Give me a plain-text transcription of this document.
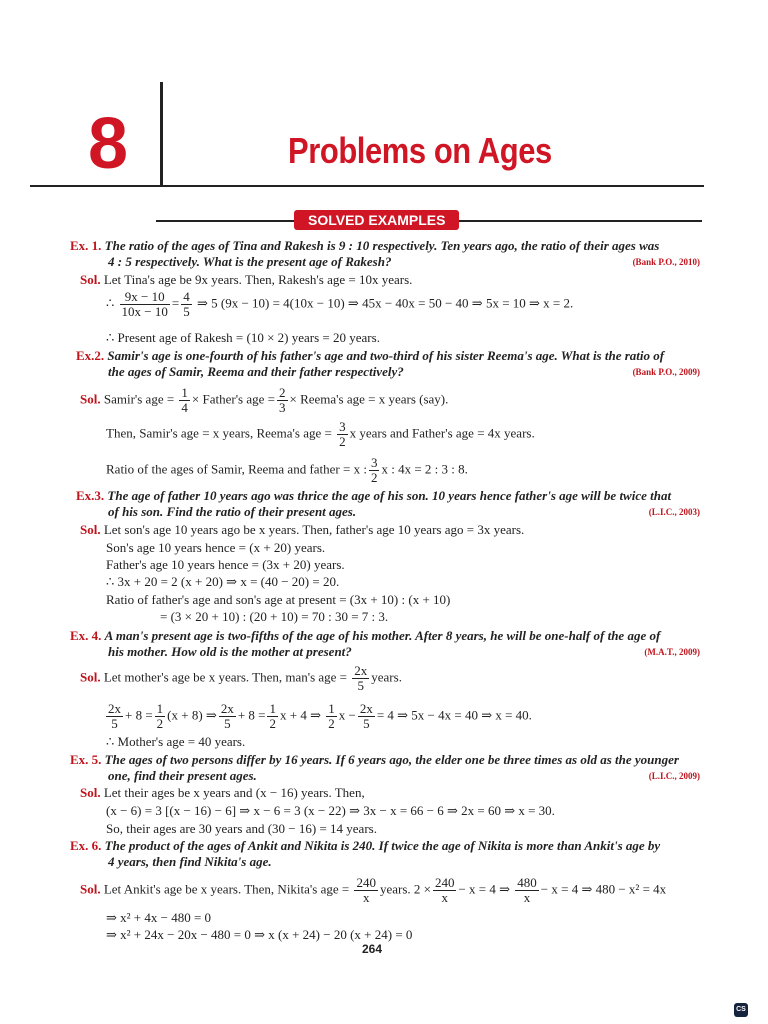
8	Problems on Ages
SOLVED EXAMPLES
Ex. 1. The ratio of the ages of Tina and Rakesh is 9 : 10 respectively. Ten years ago, the ratio of their ages was
4 : 5 respectively. What is the present age of Rakesh?	(Bank P.O., 2010)
Sol. Let Tina's age be 9x years. Then, Rakesh's age = 10x years.
∴ $\frac{9x - 10}{10x - 10} = \frac{4}{5}$ ⇒ 5 (9x − 10) = 4(10x − 10) ⇒ 45x − 40x = 50 − 40 ⇒ 5x = 10 ⇒ x = 2.
∴ Present age of Rakesh = (10 × 2) years = 20 years.
Ex.2. Samir's age is one-fourth of his father's age and two-third of his sister Reema's age. What is the ratio of
the ages of Samir, Reema and their father respectively?	(Bank P.O., 2009)
Sol. Samir's age = $\frac{1}{4}$ × Father's age = $\frac{2}{3}$ × Reema's age = x years (say).
Then, Samir's age = x years, Reema's age = $\frac{3}{2}$ x years and Father's age = 4x years.
Ratio of the ages of Samir, Reema and father = x : $\frac{3}{2}$ x : 4x = 2 : 3 : 8.
Ex.3. The age of father 10 years ago was thrice the age of his son. 10 years hence father's age will be twice that
of his son. Find the ratio of their present ages.	(L.I.C., 2003)
Sol. Let son's age 10 years ago be x years. Then, father's age 10 years ago = 3x years.
Son's age 10 years hence = (x + 20) years.
Father's age 10 years hence = (3x + 20) years.
∴ 3x + 20 = 2 (x + 20) ⇒ x = (40 − 20) = 20.
Ratio of father's age and son's age at present = (3x + 10) : (x + 10)
= (3 × 20 + 10) : (20 + 10) = 70 : 30 = 7 : 3.
Ex. 4. A man's present age is two-fifths of the age of his mother. After 8 years, he will be one-half of the age of
his mother. How old is the mother at present?	(M.A.T., 2009)
Sol. Let mother's age be x years. Then, man's age = $\frac{2x}{5}$ years.
$\frac{2x}{5} + 8 = \frac{1}{2} (x + 8)$ ⇒ $\frac{2x}{5} + 8 = \frac{1}{2}$ x + 4 ⇒ $\frac{1}{2}$ $x - \frac{2x}{5} = 4$ ⇒ 5x − 4x = 40 ⇒ x = 40.
∴ Mother's age = 40 years.
Ex. 5. The ages of two persons differ by 16 years. If 6 years ago, the elder one be three times as old as the younger
one, find their present ages.	(L.I.C., 2009)
Sol. Let their ages be x years and (x − 16) years. Then,
(x − 6) = 3 [(x − 16) − 6] ⇒ x − 6 = 3 (x − 22) ⇒ 3x − x = 66 − 6 ⇒ 2x = 60 ⇒ x = 30.
So, their ages are 30 years and (30 − 16) = 14 years.
Ex. 6. The product of the ages of Ankit and Nikita is 240. If twice the age of Nikita is more than Ankit's age by
4 years, then find Nikita's age.
Sol. Let Ankit's age be x years. Then, Nikita's age = $\frac{240}{x}$ years. $2 \times \frac{240}{x} - x = 4$ ⇒ $\frac{480}{x} - x = 4$ ⇒ 480 − x² = 4x
⇒ x² + 4x − 480 = 0
⇒ x² + 24x − 20x − 480 = 0 ⇒ x (x + 24) − 20 (x + 24) = 0
264
CS
